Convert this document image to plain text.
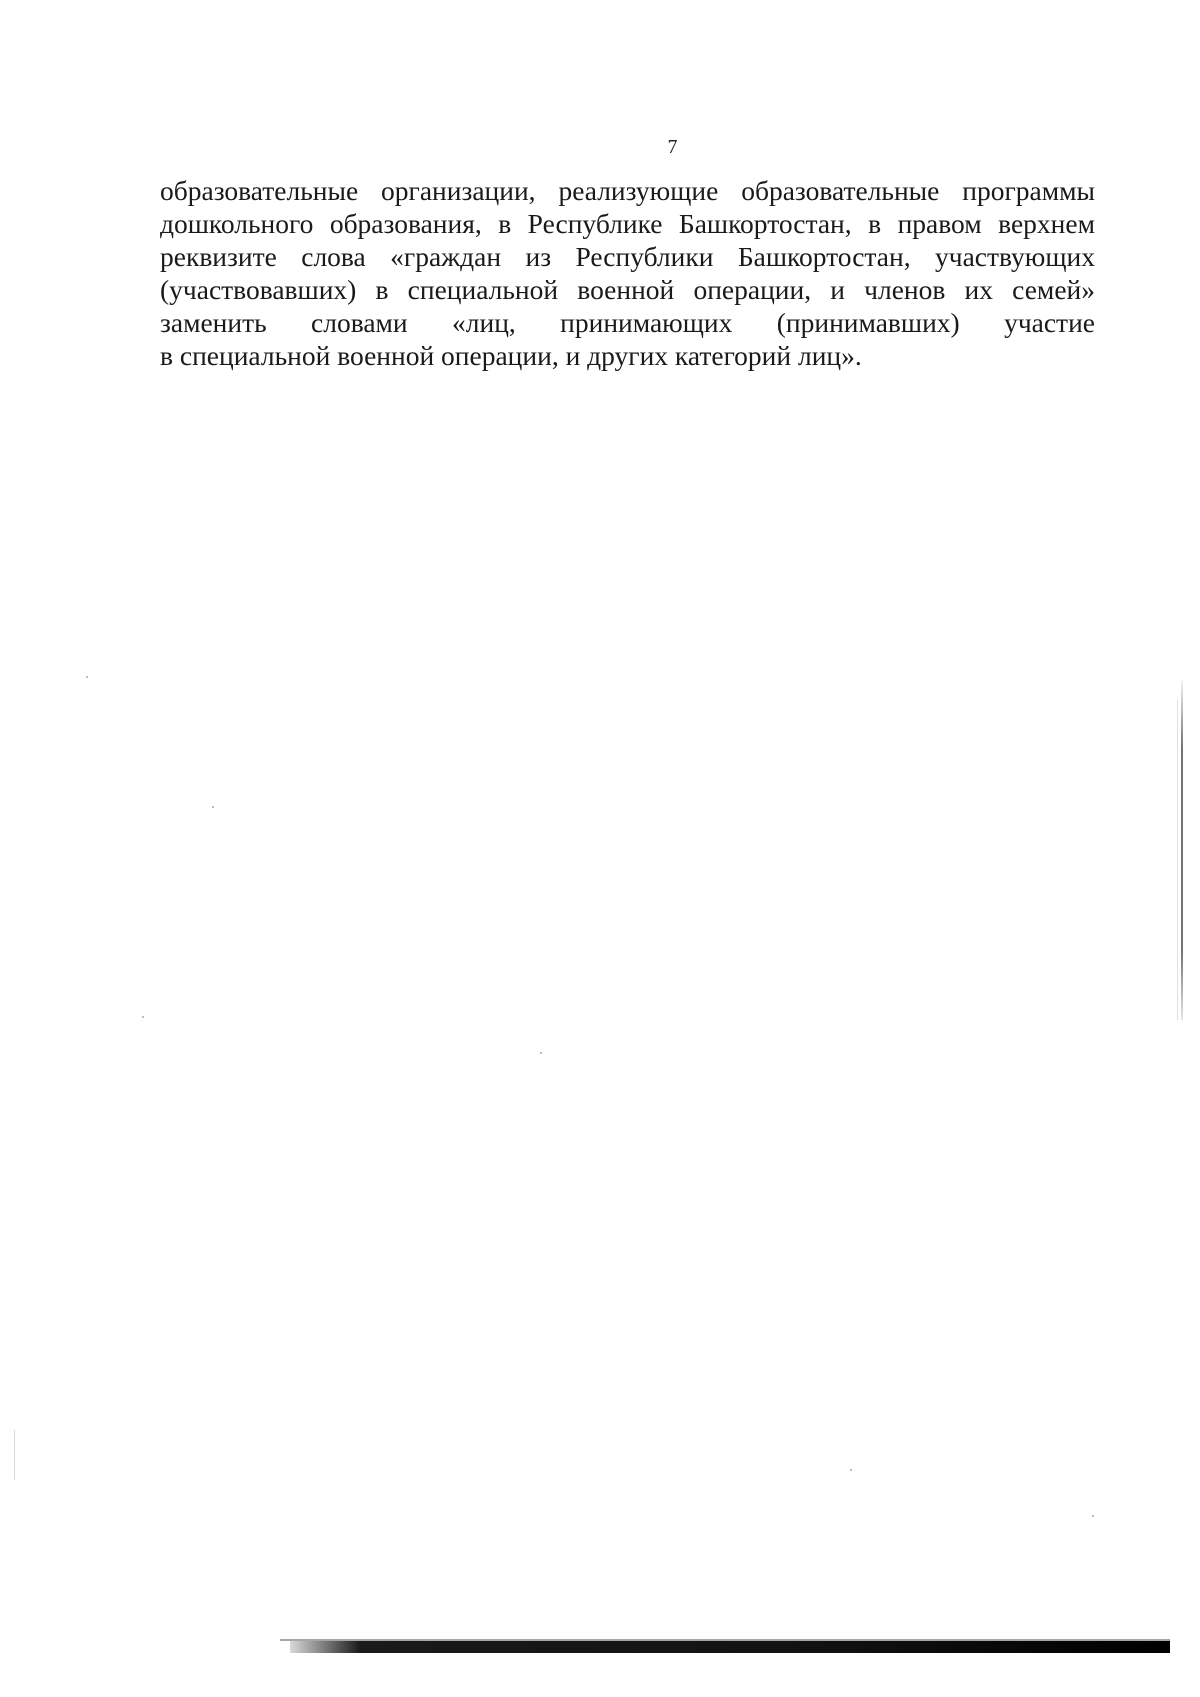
7

образовательные организации, реализующие образовательные программы
дошкольного образования, в Республике Башкортостан, в правом верхнем
реквизите слова «граждан из Республики Башкортостан, участвующих
(участвовавших) в специальной военной операции, и членов их семей»
заменить словами «лиц, принимающих (принимавших) участие
в специальной военной операции, и других категорий лиц».
